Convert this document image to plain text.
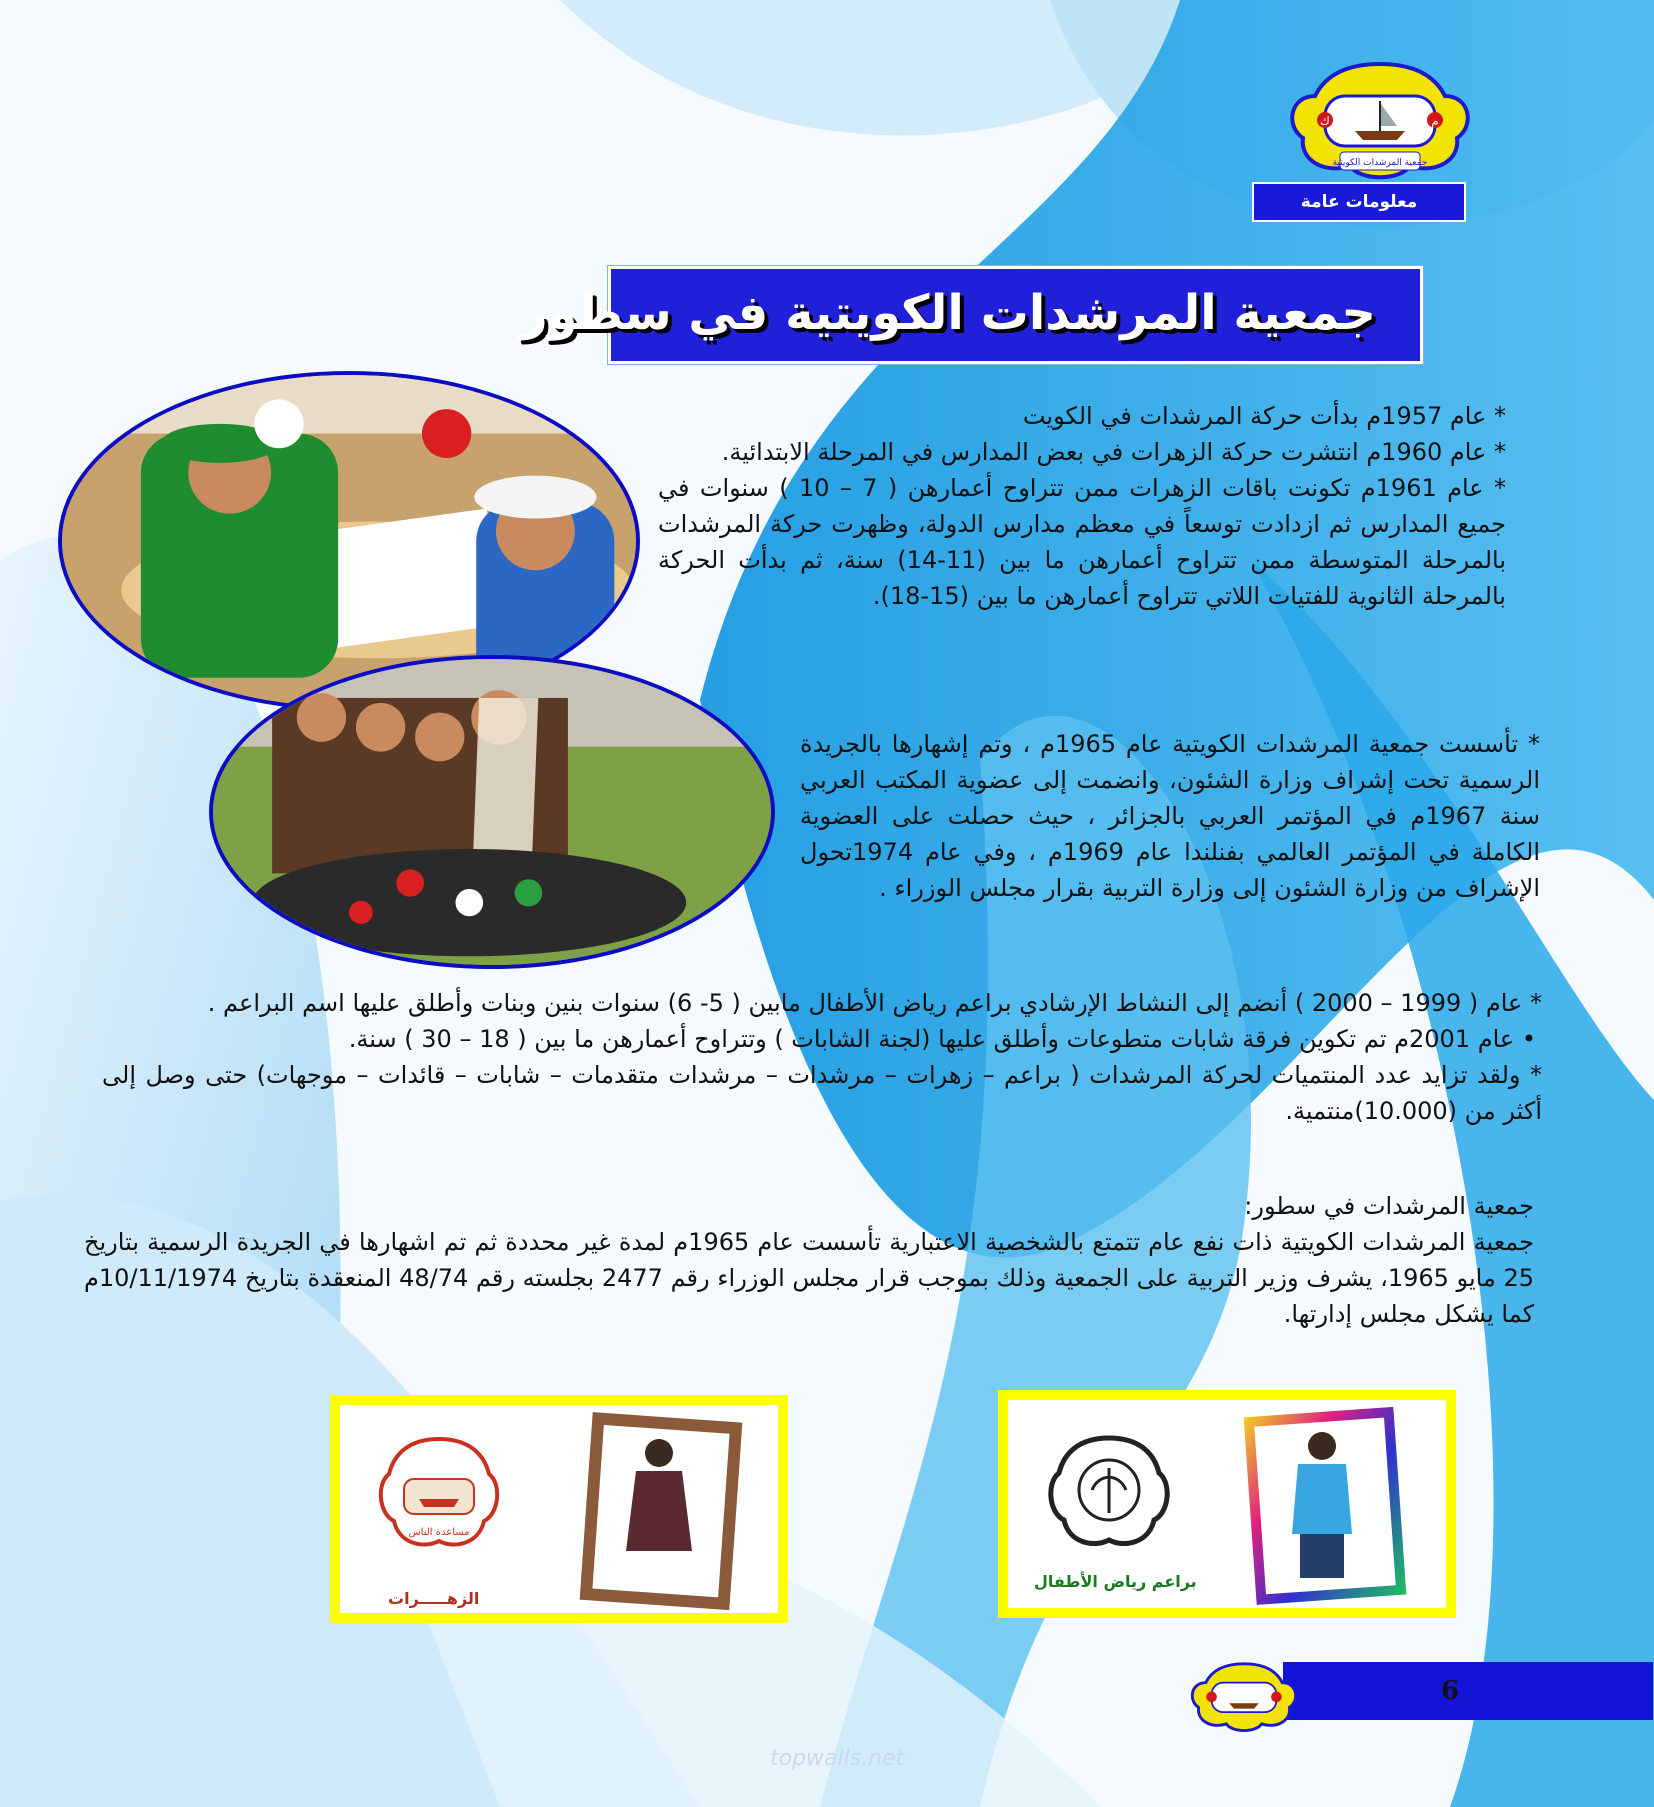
ك	م
جمعية المرشدات الكويتية
معلومات عامة
جمعية المرشدات الكويتية في سطور
* عام 1957م بدأت حركة المرشدات في الكويت
* عام 1960م انتشرت حركة الزهرات في بعض المدارس في المرحلة الابتدائية.
* عام 1961م تكونت باقات الزهرات ممن تتراوح أعمارهن ( 7 – 10 ) سنوات في جميع المدارس ثم ازدادت توسعاً في معظم مدارس الدولة، وظهرت حركة المرشدات بالمرحلة المتوسطة ممن تتراوح أعمارهن ما بين (11-14) سنة، ثم بدأت الحركة بالمرحلة الثانوية للفتيات اللاتي تتراوح أعمارهن ما بين (15-18).
* تأسست جمعية المرشدات الكويتية عام 1965م ، وتم إشهارها بالجريدة الرسمية تحت إشراف وزارة الشئون، وانضمت إلى عضوية المكتب العربي سنة 1967م في المؤتمر العربي بالجزائر ، حيث حصلت على العضوية الكاملة في المؤتمر العالمي بفنلندا عام 1969م ، وفي عام 1974تحول الإشراف من وزارة الشئون إلى وزارة التربية بقرار مجلس الوزراء .
* عام ( 1999 – 2000 ) أنضم إلى النشاط الإرشادي براعم رياض الأطفال مابين ( 5- 6) سنوات بنين وبنات وأطلق عليها اسم البراعم .
• عام 2001م تم تكوين فرقة شابات متطوعات وأطلق عليها (لجنة الشابات ) وتتراوح أعمارهن ما بين ( 18 – 30 ) سنة.
* ولقد تزايد عدد المنتميات لحركة المرشدات ( براعم – زهرات – مرشدات – مرشدات متقدمات – شابات – قائدات – موجهات) حتى وصل إلى أكثر من (10.000)منتمية.
جمعية المرشدات في سطور:
جمعية المرشدات الكويتية ذات نفع عام تتمتع بالشخصية الاعتبارية تأسست عام 1965م لمدة غير محددة ثم تم اشهارها في الجريدة الرسمية بتاريخ 25 مايو 1965، يشرف وزير التربية على الجمعية وذلك بموجب قرار مجلس الوزراء رقم 2477 بجلسته رقم 48/74 المنعقدة بتاريخ 10/11/1974م كما يشكل مجلس إدارتها.
مساعدة الناس
الزهـــــرات
براعم رياض الأطفال
6
topwalls.net
